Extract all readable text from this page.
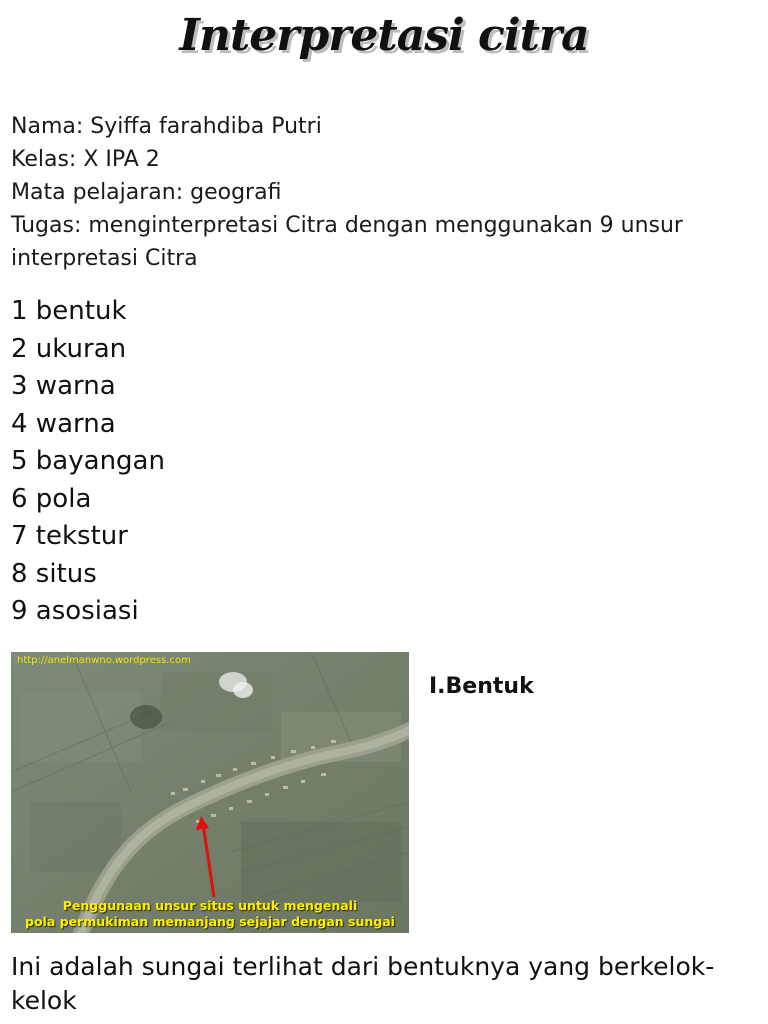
Interpretasi citra
Nama: Syiffa farahdiba Putri
Kelas: X IPA 2
Mata pelajaran: geografi
Tugas: menginterpretasi Citra dengan menggunakan 9 unsur interpretasi Citra
1 bentuk
2 ukuran
3 warna
4 warna
5 bayangan
6 pola
7 tekstur
8 situs
9 asosiasi
http://anelmanwno.wordpress.com
Penggunaan unsur situs untuk mengenali
pola permukiman memanjang sejajar dengan sungai
I.Bentuk
Ini adalah sungai terlihat dari bentuknya yang berkelok-kelok
